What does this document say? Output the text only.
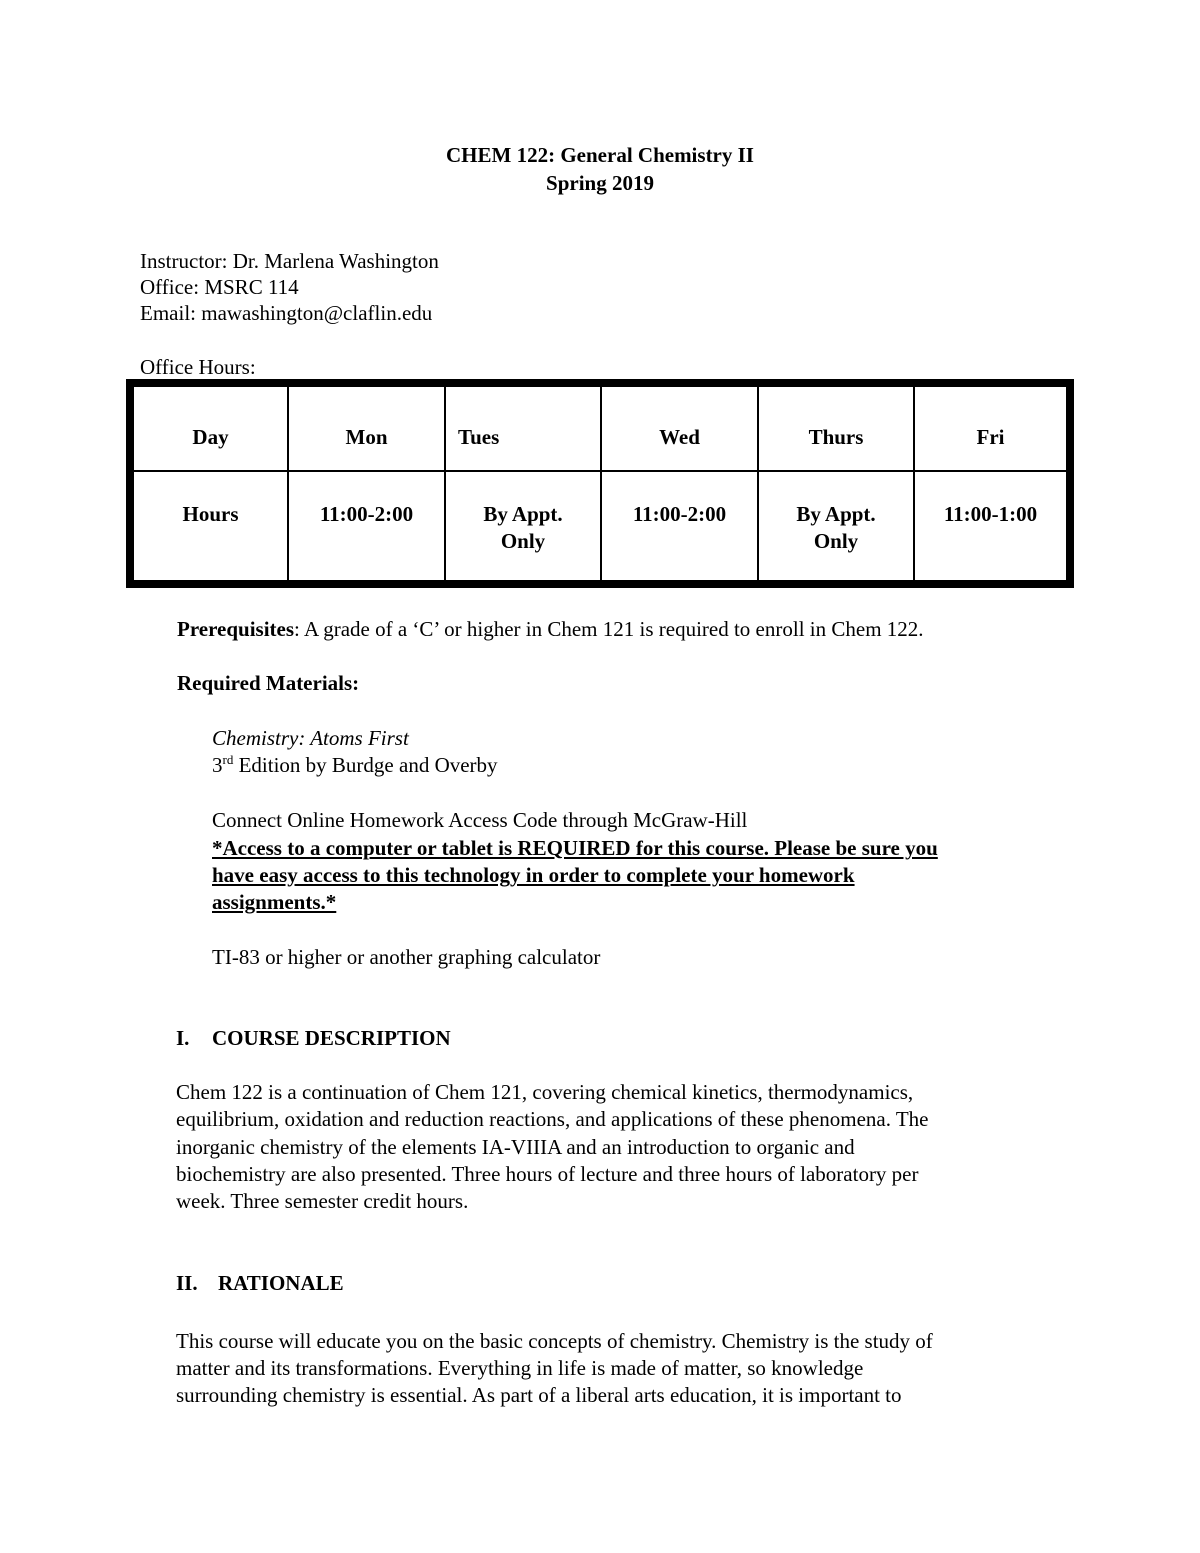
CHEM 122: General Chemistry II

Spring 2019

Instructor: Dr. Marlena Washington

Office: MSRC 114

Email: mawashington@claflin.edu

Office Hours:

Day	Mon	Tues	Wed	Thurs	Fri
Hours	11:00-2:00	By Appt. Only	11:00-2:00	By Appt. Only	11:00-1:00

Prerequisites: A grade of a ‘C’ or higher in Chem 121 is required to enroll in Chem 122.

Required Materials:

Chemistry: Atoms First

3rd Edition by Burdge and Overby

Connect Online Homework Access Code through McGraw-Hill

*Access to a computer or tablet is REQUIRED for this course. Please be sure you

have easy access to this technology in order to complete your homework

assignments.*

TI-83 or higher or another graphing calculator

I. COURSE DESCRIPTION

Chem 122 is a continuation of Chem 121, covering chemical kinetics, thermodynamics,

equilibrium, oxidation and reduction reactions, and applications of these phenomena. The

inorganic chemistry of the elements IA-VIIIA and an introduction to organic and

biochemistry are also presented. Three hours of lecture and three hours of laboratory per

week. Three semester credit hours.

II. RATIONALE

This course will educate you on the basic concepts of chemistry. Chemistry is the study of

matter and its transformations. Everything in life is made of matter, so knowledge

surrounding chemistry is essential. As part of a liberal arts education, it is important to
